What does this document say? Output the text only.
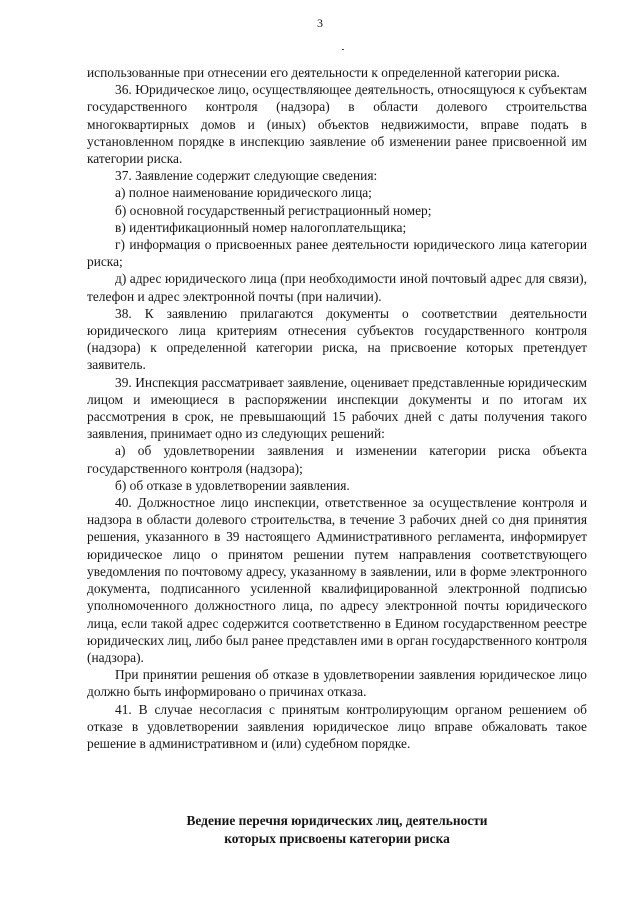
3

использованные при отнесении его деятельности к определенной категории риска.

36. Юридическое лицо, осуществляющее деятельность, относящуюся к субъектам государственного контроля (надзора) в области долевого строительства многоквартирных домов и (иных) объектов недвижимости, вправе подать в установленном порядке в инспекцию заявление об изменении ранее присвоенной им категории риска.

37. Заявление содержит следующие сведения:

а) полное наименование юридического лица;

б) основной государственный регистрационный номер;

в) идентификационный номер налогоплательщика;

г) информация о присвоенных ранее деятельности юридического лица категории риска;

д) адрес юридического лица (при необходимости иной почтовый адрес для связи), телефон и адрес электронной почты (при наличии).

38. К заявлению прилагаются документы о соответствии деятельности юридического лица критериям отнесения субъектов государственного контроля (надзора) к определенной категории риска, на присвоение которых претендует заявитель.

39. Инспекция рассматривает заявление, оценивает представленные юридическим лицом и имеющиеся в распоряжении инспекции документы и по итогам их рассмотрения в срок, не превышающий 15 рабочих дней с даты получения такого заявления, принимает одно из следующих решений:

а) об удовлетворении заявления и изменении категории риска объекта государственного контроля (надзора);

б) об отказе в удовлетворении заявления.

40. Должностное лицо инспекции, ответственное за осуществление контроля и надзора в области долевого строительства, в течение 3 рабочих дней со дня принятия решения, указанного в 39 настоящего Административного регламента, информирует юридическое лицо о принятом решении путем направления соответствующего уведомления по почтовому адресу, указанному в заявлении, или в форме электронного документа, подписанного усиленной квалифицированной электронной подписью уполномоченного должностного лица, по адресу электронной почты юридического лица, если такой адрес содержится соответственно в Едином государственном реестре юридических лиц, либо был ранее представлен ими в орган государственного контроля (надзора).

При принятии решения об отказе в удовлетворении заявления юридическое лицо должно быть информировано о причинах отказа.

41. В случае несогласия с принятым контролирующим органом решением об отказе в удовлетворении заявления юридическое лицо вправе обжаловать такое решение в административном и (или) судебном порядке.

Ведение перечня юридических лиц, деятельности
которых присвоены категории риска
